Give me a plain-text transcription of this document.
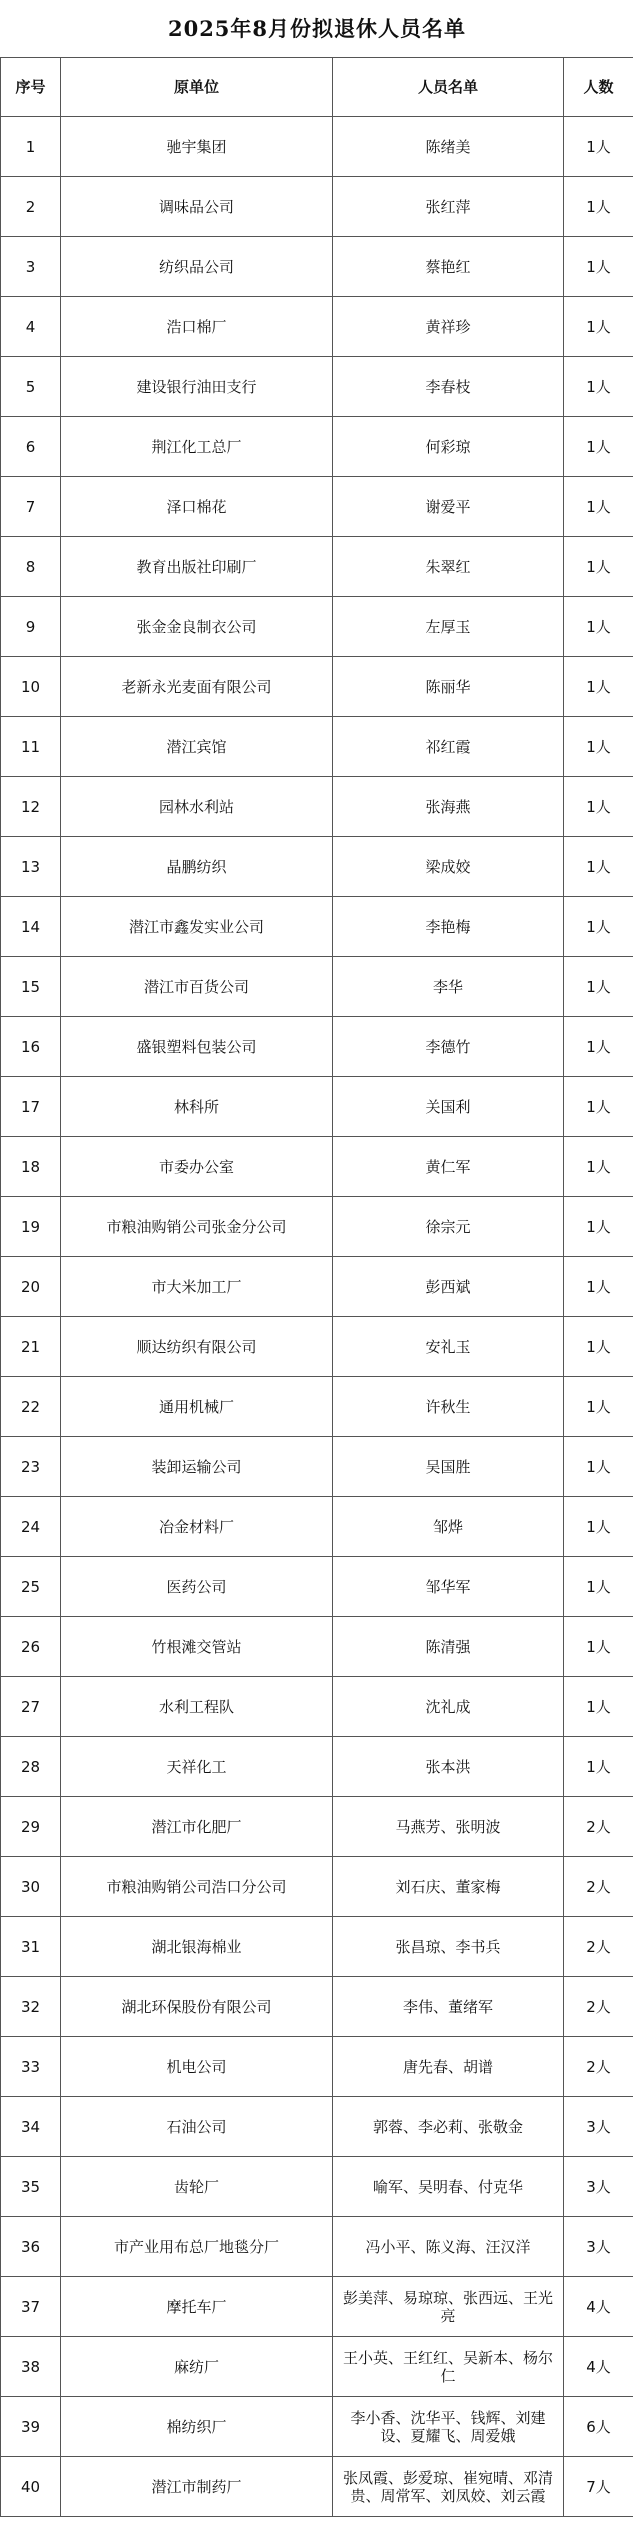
2025年8月份拟退休人员名单			
序号	原单位	人员名单	人数
1	驰宇集团	陈绪美	1人
2	调味品公司	张红萍	1人
3	纺织品公司	蔡艳红	1人
4	浩口棉厂	黄祥珍	1人
5	建设银行油田支行	李春枝	1人
6	荆江化工总厂	何彩琼	1人
7	泽口棉花	谢爱平	1人
8	教育出版社印刷厂	朱翠红	1人
9	张金金良制衣公司	左厚玉	1人
10	老新永光麦面有限公司	陈丽华	1人
11	潜江宾馆	祁红霞	1人
12	园林水利站	张海燕	1人
13	晶鹏纺织	梁成姣	1人
14	潜江市鑫发实业公司	李艳梅	1人
15	潜江市百货公司	李华	1人
16	盛银塑料包装公司	李德竹	1人
17	林科所	关国利	1人
18	市委办公室	黄仁军	1人
19	市粮油购销公司张金分公司	徐宗元	1人
20	市大米加工厂	彭西斌	1人
21	顺达纺织有限公司	安礼玉	1人
22	通用机械厂	许秋生	1人
23	装卸运输公司	吴国胜	1人
24	冶金材料厂	邹烨	1人
25	医药公司	邹华军	1人
26	竹根滩交管站	陈清强	1人
27	水利工程队	沈礼成	1人
28	天祥化工	张本洪	1人
29	潜江市化肥厂	马燕芳、张明波	2人
30	市粮油购销公司浩口分公司	刘石庆、董家梅	2人
31	湖北银海棉业	张昌琼、李书兵	2人
32	湖北环保股份有限公司	李伟、董绪军	2人
33	机电公司	唐先春、胡谱	2人
34	石油公司	郭蓉、李必莉、张敬金	3人
35	齿轮厂	喻军、吴明春、付克华	3人
36	市产业用布总厂地毯分厂	冯小平、陈义海、汪汉洋	3人
37	摩托车厂	彭美萍、易琼琼、张西远、王光亮	4人
38	麻纺厂	王小英、王红红、吴新本、杨尔仁	4人
39	棉纺织厂	李小香、沈华平、钱辉、刘建设、夏耀飞、周爱娥	6人
40	潜江市制药厂	张凤霞、彭爱琼、崔宛晴、邓清贵、周常军、刘凤姣、刘云霞	7人
